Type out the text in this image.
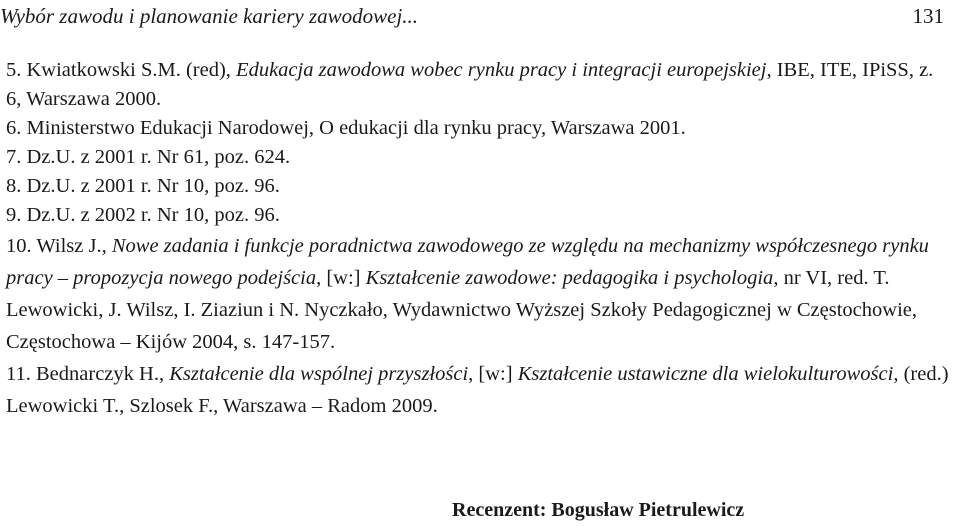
Wybór zawodu i planowanie kariery zawodowej...	131
5. Kwiatkowski S.M. (red), Edukacja zawodowa wobec rynku pracy i integracji europejskiej, IBE, ITE, IPiSS, z. 6, Warszawa 2000.
6. Ministerstwo Edukacji Narodowej, O edukacji dla rynku pracy, Warszawa 2001.
7. Dz.U. z 2001 r. Nr 61, poz. 624.
8. Dz.U. z 2001 r. Nr 10, poz. 96.
9. Dz.U. z 2002 r. Nr 10, poz. 96.
10. Wilsz J., Nowe zadania i funkcje poradnictwa zawodowego ze względu na mechanizmy współczesnego rynku pracy – propozycja nowego podejścia, [w:] Kształcenie zawodowe: pedagogika i psychologia, nr VI, red. T. Lewowicki, J. Wilsz, I. Ziaziun i N. Nyczkało, Wydawnictwo Wyższej Szkoły Pedagogicznej w Częstochowie, Częstochowa – Kijów 2004, s. 147-157.
11. Bednarczyk H., Kształcenie dla wspólnej przyszłości, [w:] Kształcenie ustawiczne dla wielokulturowości, (red.) Lewowicki T., Szlosek F., Warszawa – Radom 2009.
Recenzent: Bogusław Pietrulewicz
